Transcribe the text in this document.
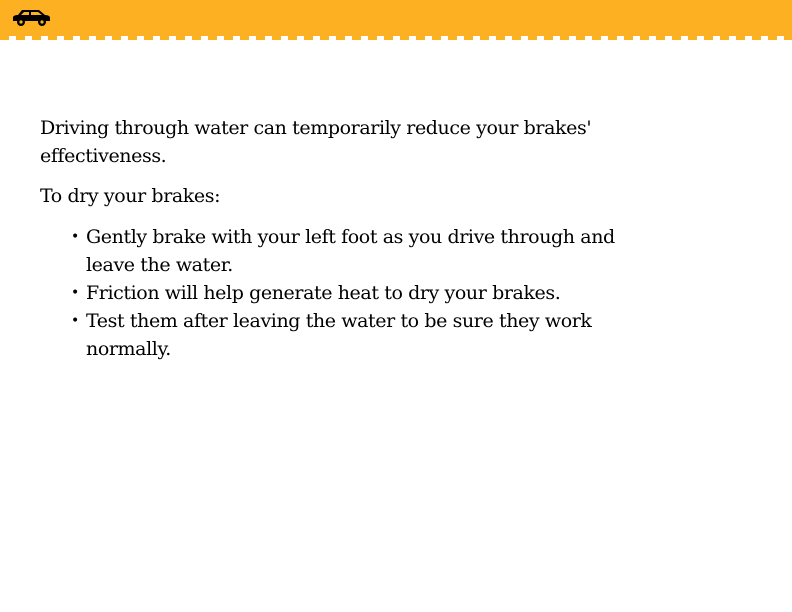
Driving through water can temporarily reduce your brakes' effectiveness.

To dry your brakes:

• Gently brake with your left foot as you drive through and leave the water.
• Friction will help generate heat to dry your brakes.
• Test them after leaving the water to be sure they work normally.
